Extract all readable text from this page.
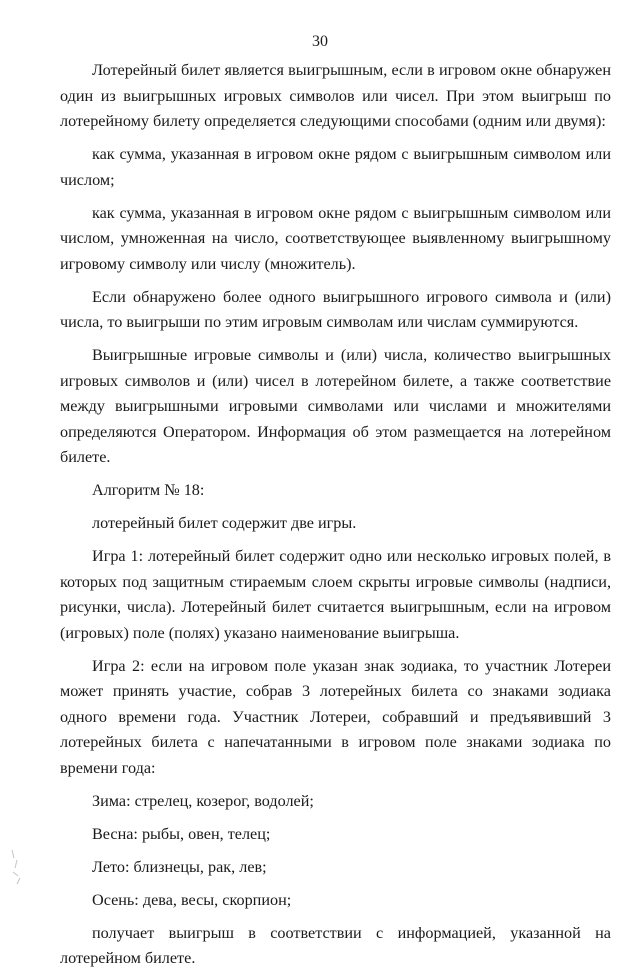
30

Лотерейный билет является выигрышным, если в игровом окне обнаружен один из выигрышных игровых символов или чисел. При этом выигрыш по лотерейному билету определяется следующими способами (одним или двумя):

как сумма, указанная в игровом окне рядом с выигрышным символом или числом;

как сумма, указанная в игровом окне рядом с выигрышным символом или числом, умноженная на число, соответствующее выявленному выигрышному игровому символу или числу (множитель).

Если обнаружено более одного выигрышного игрового символа и (или) числа, то выигрыши по этим игровым символам или числам суммируются.

Выигрышные игровые символы и (или) числа, количество выигрышных игровых символов и (или) чисел в лотерейном билете, а также соответствие между выигрышными игровыми символами или числами и множителями определяются Оператором. Информация об этом размещается на лотерейном билете.

Алгоритм № 18:

лотерейный билет содержит две игры.

Игра 1: лотерейный билет содержит одно или несколько игровых полей, в которых под защитным стираемым слоем скрыты игровые символы (надписи, рисунки, числа). Лотерейный билет считается выигрышным, если на игровом (игровых) поле (полях) указано наименование выигрыша.

Игра 2: если на игровом поле указан знак зодиака, то участник Лотереи может принять участие, собрав 3 лотерейных билета со знаками зодиака одного времени года. Участник Лотереи, собравший и предъявивший 3 лотерейных билета с напечатанными в игровом поле знаками зодиака по времени года:

Зима: стрелец, козерог, водолей;

Весна: рыбы, овен, телец;

Лето: близнецы, рак, лев;

Осень: дева, весы, скорпион;

получает выигрыш в соответствии с информацией, указанной на лотерейном билете.
